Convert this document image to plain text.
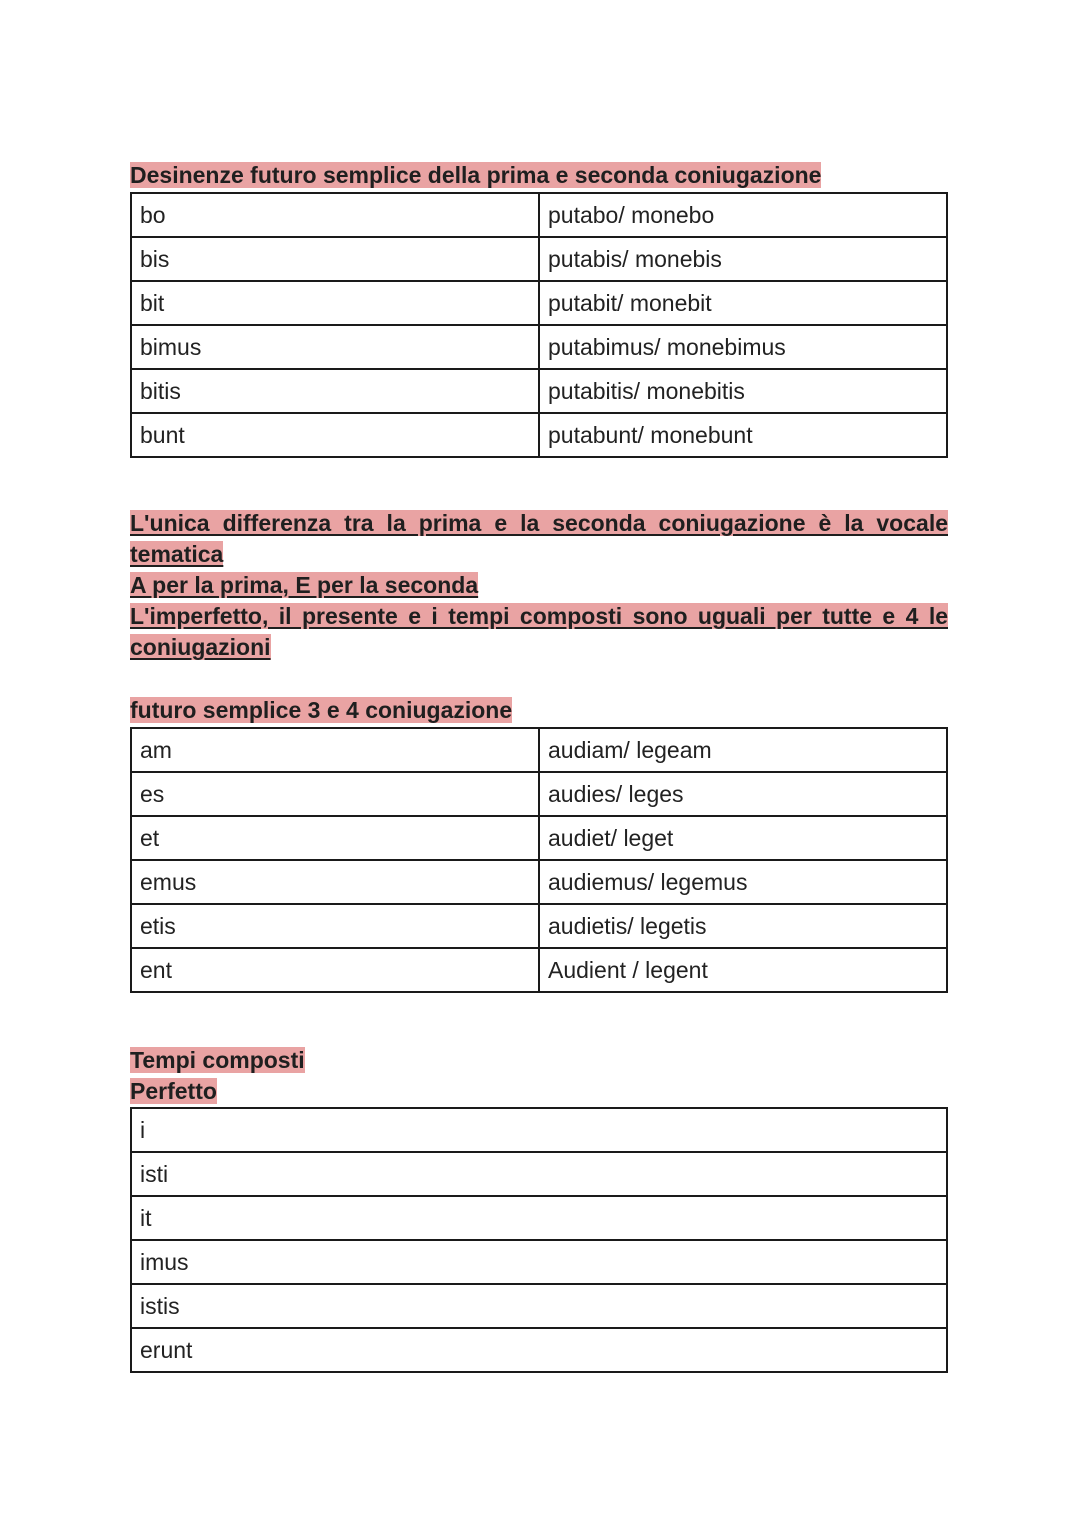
Desinenze futuro semplice della prima e seconda coniugazione
bo	putabo/ monebo
bis	putabis/ monebis
bit	putabit/ monebit
bimus	putabimus/ monebimus
bitis	putabitis/ monebitis
bunt	putabunt/ monebunt
L'unica differenza tra la prima e la seconda coniugazione è la vocale tematica
A per la prima, E per la seconda
L'imperfetto, il presente e i tempi composti sono uguali per tutte e 4 le coniugazioni
futuro semplice 3 e 4 coniugazione
am	audiam/ legeam
es	audies/ leges
et	audiet/ leget
emus	audiemus/ legemus
etis	audietis/ legetis
ent	Audient / legent
Tempi composti
Perfetto
i
isti
it
imus
istis
erunt
